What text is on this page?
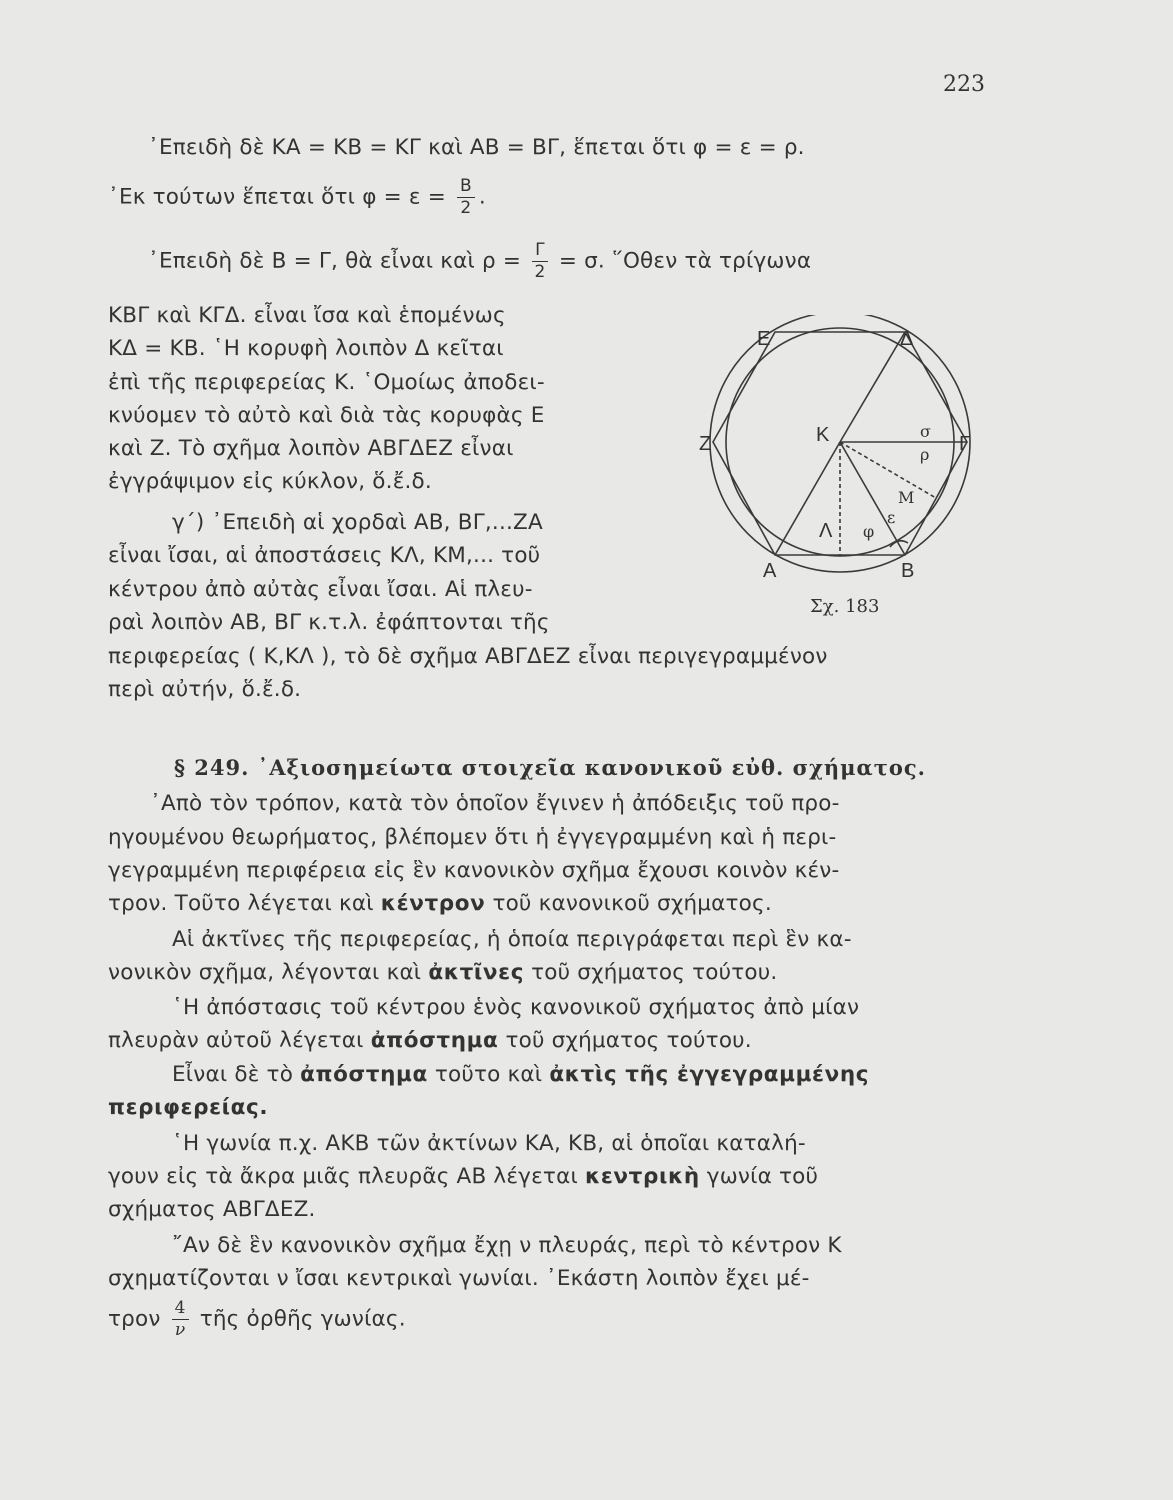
223
᾿Επειδὴ δὲ ΚΑ = ΚΒ = ΚΓ καὶ ΑΒ = ΒΓ, ἕπεται ὅτι φ = ε = ρ.
᾿Εκ τούτων ἕπεται ὅτι $\varphi = \varepsilon = \frac{B}{2}$ .
᾿Επειδὴ δὲ Β = Γ, θὰ εἶναι καὶ $\rho = \frac{\Gamma}{2} = \sigma$. ῞Οθεν τὰ τρίγωνα
ΚΒΓ καὶ ΚΓΔ. εἶναι ἴσα καὶ ἑπομένως
ΚΔ = ΚΒ. ῾Η κορυφὴ λοιπὸν Δ κεῖται
ἐπὶ τῆς περιφερείας Κ. ῾Ομοίως ἀποδει-
κνύομεν τὸ αὐτὸ καὶ διὰ τὰς κορυφὰς Ε
καὶ Ζ. Τὸ σχῆμα λοιπὸν ΑΒΓΔΕΖ εἶναι
ἐγγράψιμον εἰς κύκλον, ὅ.ἔ.δ.
γ΄) ᾿Επειδὴ αἱ χορδαὶ ΑΒ, ΒΓ,...ΖΑ
εἶναι ἴσαι, αἱ ἀποστάσεις ΚΛ, ΚΜ,... τοῦ
κέντρου ἀπὸ αὐτὰς εἶναι ἴσαι. Αἱ πλευ-
ραὶ λοιπὸν ΑΒ, ΒΓ κ.τ.λ. ἐφάπτονται τῆς
περιφερείας ( Κ,ΚΛ ), τὸ δὲ σχῆμα ΑΒΓΔΕΖ εἶναι περιγεγραμμένον
περὶ αὐτήν, ὅ.ἔ.δ.
Ε	Δ
Ζ	Γ
Α	Β
Κ
Λ
σ
ρ
Μ
ε
φ
Σχ. 183
§ 249. ᾿Αξιοσημείωτα στοιχεῖα κανονικοῦ εὐθ. σχήματος.
᾿Απὸ τὸν τρόπον, κατὰ τὸν ὁποῖον ἔγινεν ἡ ἀπόδειξις τοῦ προ-
ηγουμένου θεωρήματος, βλέπομεν ὅτι ἡ ἐγγεγραμμένη καὶ ἡ περι-
γεγραμμένη περιφέρεια εἰς ἓν κανονικὸν σχῆμα ἔχουσι κοινὸν κέν-
τρον. Τοῦτο λέγεται καὶ κέντρον τοῦ κανονικοῦ σχήματος.
Αἱ ἀκτῖνες τῆς περιφερείας, ἡ ὁποία περιγράφεται περὶ ἓν κα-
νονικὸν σχῆμα, λέγονται καὶ ἀκτῖνες τοῦ σχήματος τούτου.
῾Η ἀπόστασις τοῦ κέντρου ἑνὸς κανονικοῦ σχήματος ἀπὸ μίαν
πλευρὰν αὐτοῦ λέγεται ἀπόστημα τοῦ σχήματος τούτου.
Εἶναι δὲ τὸ ἀπόστημα τοῦτο καὶ ἀκτὶς τῆς ἐγγεγραμμένης
περιφερείας.
῾Η γωνία π.χ. ΑΚΒ τῶν ἀκτίνων ΚΑ, ΚΒ, αἱ ὁποῖαι καταλή-
γουν εἰς τὰ ἄκρα μιᾶς πλευρᾶς ΑΒ λέγεται κεντρικὴ γωνία τοῦ
σχήματος ΑΒΓΔΕΖ.
῎Αν δὲ ἓν κανονικὸν σχῆμα ἔχῃ ν πλευράς, περὶ τὸ κέντρον Κ
σχηματίζονται ν ἴσαι κεντρικαὶ γωνίαι. ᾿Εκάστη λοιπὸν ἔχει μέ-
τρον $\frac{4}{\nu}$ τῆς ὀρθῆς γωνίας.
